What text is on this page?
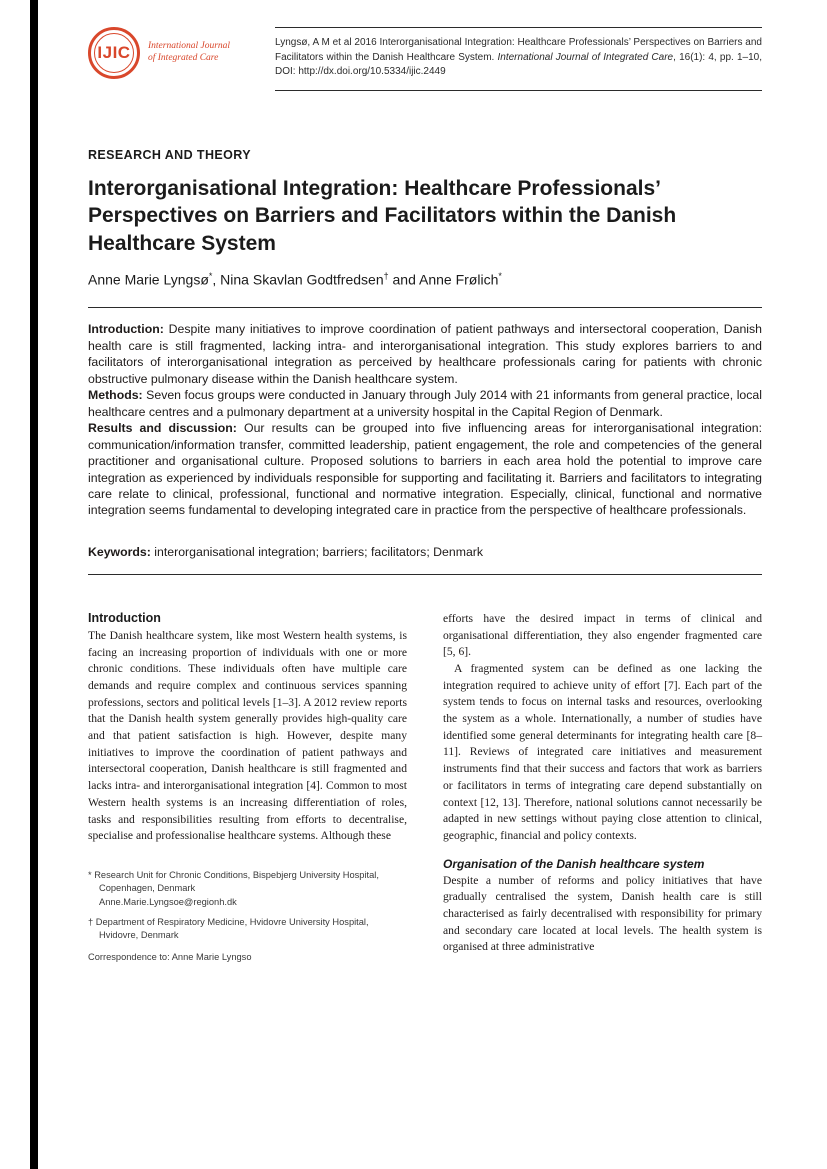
IJIC International Journal
of Integrated Care
Lyngsø, A M et al 2016 Interorganisational Integration: Healthcare Professionals’ Perspectives on Barriers and Facilitators within the Danish Healthcare System. International Journal of Integrated Care, 16(1): 4, pp. 1–10, DOI: http://dx.doi.org/10.5334/ijic.2449
RESEARCH AND THEORY
Interorganisational Integration: Healthcare Professionals’ Perspectives on Barriers and Facilitators within the Danish Healthcare System
Anne Marie Lyngsø*, Nina Skavlan Godtfredsen† and Anne Frølich*

Introduction: Despite many initiatives to improve coordination of patient pathways and intersectoral cooperation, Danish health care is still fragmented, lacking intra- and interorganisational integration. This study explores barriers to and facilitators of interorganisational integration as perceived by healthcare professionals caring for patients with chronic obstructive pulmonary disease within the Danish healthcare system.

Methods: Seven focus groups were conducted in January through July 2014 with 21 informants from general practice, local healthcare centres and a pulmonary department at a university hospital in the Capital Region of Denmark.

Results and discussion: Our results can be grouped into five influencing areas for interorganisational integration: communication/information transfer, committed leadership, patient engagement, the role and competencies of the general practitioner and organisational culture. Proposed solutions to barriers in each area hold the potential to improve care integration as experienced by individuals responsible for supporting and facilitating it. Barriers and facilitators to integrating care relate to clinical, professional, functional and normative integration. Especially, clinical, functional and normative integration seems fundamental to developing integrated care in practice from the perspective of healthcare professionals.

Keywords: interorganisational integration; barriers; facilitators; Denmark

Introduction

The Danish healthcare system, like most Western health systems, is facing an increasing proportion of individuals with one or more chronic conditions. These individuals often have multiple care demands and require complex and continuous services spanning professions, sectors and political levels [1–3]. A 2012 review reports that the Danish health system generally provides high-quality care and that patient satisfaction is high. However, despite many initiatives to improve the coordination of patient pathways and intersectoral cooperation, Danish healthcare is still fragmented and lacks intra- and interorganisational integration [4]. Common to most Western health systems is an increasing differentiation of roles, tasks and responsibilities resulting from efforts to decentralise, specialise and professionalise healthcare systems. Although these

* Research Unit for Chronic Conditions, Bispebjerg University Hospital, Copenhagen, Denmark
Anne.Marie.Lyngsoe@regionh.dk
† Department of Respiratory Medicine, Hvidovre University Hospital, Hvidovre, Denmark
Correspondence to: Anne Marie Lyngso

efforts have the desired impact in terms of clinical and organisational differentiation, they also engender fragmented care [5, 6].

A fragmented system can be defined as one lacking the integration required to achieve unity of effort [7]. Each part of the system tends to focus on internal tasks and resources, overlooking the system as a whole. Internationally, a number of studies have identified some general determinants for integrating health care [8–11]. Reviews of integrated care initiatives and measurement instruments find that their success and factors that work as barriers or facilitators in terms of integrating care depend substantially on context [12, 13]. Therefore, national solutions cannot necessarily be adapted in new settings without paying close attention to clinical, geographic, financial and policy contexts.

Organisation of the Danish healthcare system

Despite a number of reforms and policy initiatives that have gradually centralised the system, Danish health care is still characterised as fairly decentralised with responsibility for primary and secondary care located at local levels. The health system is organised at three administrative
